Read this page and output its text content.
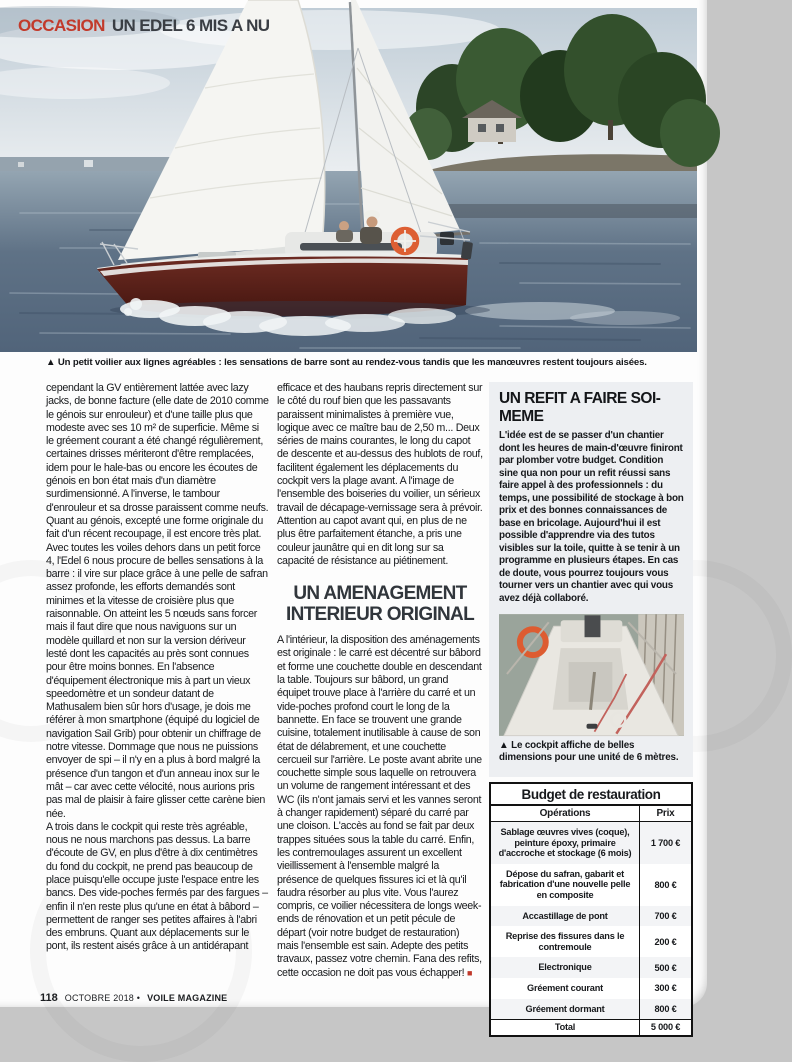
OCCASION UN EDEL 6 MIS A NU
▲ Un petit voilier aux lignes agréables : les sensations de barre sont au rendez-vous tandis que les manœuvres restent toujours aisées.

cependant la GV entièrement lattée avec lazy jacks, de bonne facture (elle date de 2010 comme le génois sur enrouleur) et d'une taille plus que modeste avec ses 10 m² de superficie. Même si le gréement courant a été changé régulièrement, certaines drisses mériteront d'être remplacées, idem pour le hale-bas ou encore les écoutes de génois en bon état mais d'un diamètre surdimensionné. A l'inverse, le tambour d'enrouleur et sa drosse paraissent comme neufs. Quant au génois, excepté une forme originale du fait d'un récent recoupage, il est encore très plat.

Avec toutes les voiles dehors dans un petit force 4, l'Edel 6 nous procure de belles sensations à la barre : il vire sur place grâce à une pelle de safran assez profonde, les efforts demandés sont minimes et la vitesse de croisière plus que raisonnable. On atteint les 5 nœuds sans forcer mais il faut dire que nous naviguons sur un modèle quillard et non sur la version dériveur lesté dont les capacités au près sont connues pour être moins bonnes. En l'absence d'équipement électronique mis à part un vieux speedomètre et un sondeur datant de Mathusalem bien sûr hors d'usage, je dois me référer à mon smartphone (équipé du logiciel de navigation Sail Grib) pour obtenir un chiffrage de notre vitesse. Dommage que nous ne puissions envoyer de spi – il n'y en a plus à bord malgré la présence d'un tangon et d'un anneau inox sur le mât – car avec cette vélocité, nous aurions pris pas mal de plaisir à faire glisser cette carène bien née.

A trois dans le cockpit qui reste très agréable, nous ne nous marchons pas dessus. La barre d'écoute de GV, en plus d'être à dix centimètres du fond du cockpit, ne prend pas beaucoup de place puisqu'elle occupe juste l'espace entre les bancs. Des vide-poches fermés par des fargues – enfin il n'en reste plus qu'une en état à bâbord – permettent de ranger ses petites affaires à l'abri des embruns. Quant aux déplacements sur le pont, ils restent aisés grâce à un antidérapant

efficace et des haubans repris directement sur le côté du rouf bien que les passavants paraissent minimalistes à première vue, logique avec ce maître bau de 2,50 m... Deux séries de mains courantes, le long du capot de descente et au-dessus des hublots de rouf, facilitent également les déplacements du cockpit vers la plage avant. A l'image de l'ensemble des boiseries du voilier, un sérieux travail de décapage-vernissage sera à prévoir. Attention au capot avant qui, en plus de ne plus être parfaitement étanche, a pris une couleur jaunâtre qui en dit long sur sa capacité de résistance au piétinement.

UN AMENAGEMENT INTERIEUR ORIGINAL

A l'intérieur, la disposition des aménagements est originale : le carré est décentré sur bâbord et forme une couchette double en descendant la table. Toujours sur bâbord, un grand équipet trouve place à l'arrière du carré et un vide-poches profond court le long de la bannette. En face se trouvent une grande cuisine, totalement inutilisable à cause de son état de délabrement, et une couchette cercueil sur l'arrière. Le poste avant abrite une couchette simple sous laquelle on retrouvera un volume de rangement intéressant et des WC (ils n'ont jamais servi et les vannes seront à changer rapidement) séparé du carré par une cloison. L'accès au fond se fait par deux trappes situées sous la table du carré. Enfin, les contremoulages assurent un excellent vieillissement à l'ensemble malgré la présence de quelques fissures ici et là qu'il faudra résorber au plus vite. Vous l'aurez compris, ce voilier nécessitera de longs week-ends de rénovation et un petit pécule de départ (voir notre budget de restauration) mais l'ensemble est sain. Adepte des petits travaux, passez votre chemin. Fana des refits, cette occasion ne doit pas vous échapper! ■

UN REFIT A FAIRE SOI-MEME

L'idée est de se passer d'un chantier dont les heures de main-d'œuvre finiront par plomber votre budget. Condition sine qua non pour un refit réussi sans faire appel à des professionnels : du temps, une possibilité de stockage à bon prix et des bonnes connaissances de base en bricolage. Aujourd'hui il est possible d'apprendre via des tutos visibles sur la toile, quitte à se tenir à un programme en plusieurs étapes. En cas de doute, vous pourrez toujours vous tourner vers un chantier avec qui vous avez déjà collaboré.

▲ Le cockpit affiche de belles dimensions pour une unité de 6 mètres.

Budget de restauration
Opérations	Prix
Sablage œuvres vives (coque), peinture époxy, primaire d'accroche et stockage (6 mois)
1 700 €
Dépose du safran, gabarit et fabrication d'une nouvelle pelle en composite
800 €
Accastillage de pont	700 €
Reprise des fissures dans le contremoule	200 €
Electronique	500 €
Gréement courant	300 €
Gréement dormant	800 €
Total	5 000 €
118 OCTOBRE 2018 • VOILE MAGAZINE
